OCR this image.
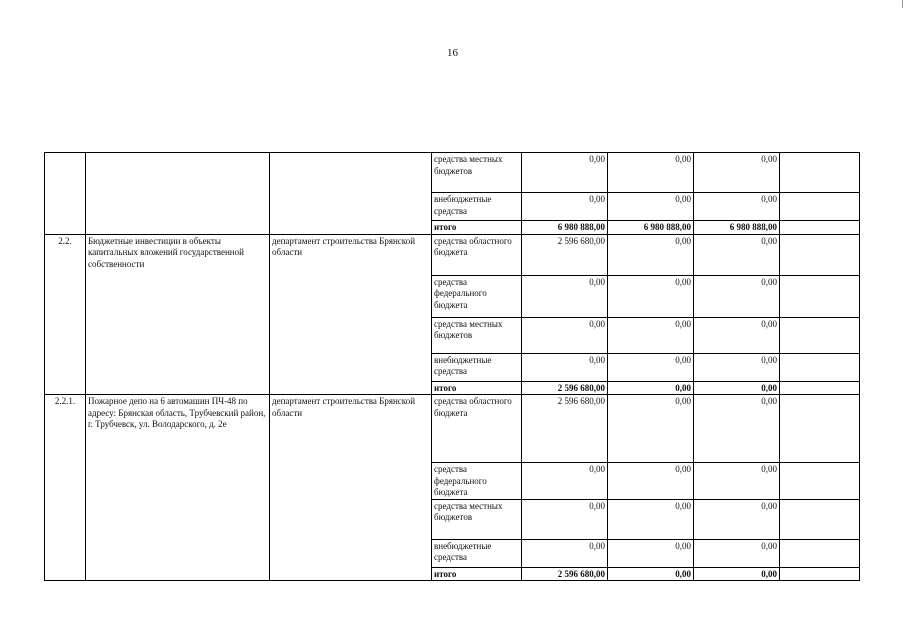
16
			средства местных бюджетов	0,00	0,00	0,00	
			внебюджетные средства	0,00	0,00	0,00	
			итого	6 980 888,00	6 980 888,00	6 980 888,00	
2.2.	Бюджетные инвестиции в объекты капитальных вложений государственной собственности	департамент строительства Брянской области	средства областного бюджета	2 596 680,00	0,00	0,00	
			средства федерального бюджета	0,00	0,00	0,00	
			средства местных бюджетов	0,00	0,00	0,00	
			внебюджетные средства	0,00	0,00	0,00	
			итого	2 596 680,00	0,00	0,00	
2.2.1.	Пожарное депо на 6 автомашин ПЧ-48 по адресу: Брянская область, Трубчевский район, г. Трубчевск, ул. Володарского, д. 2е	департамент строительства Брянской области	средства областного бюджета	2 596 680,00	0,00	0,00	
			средства федерального бюджета	0,00	0,00	0,00	
			средства местных бюджетов	0,00	0,00	0,00	
			внебюджетные средства	0,00	0,00	0,00	
			итого	2 596 680,00	0,00	0,00	
